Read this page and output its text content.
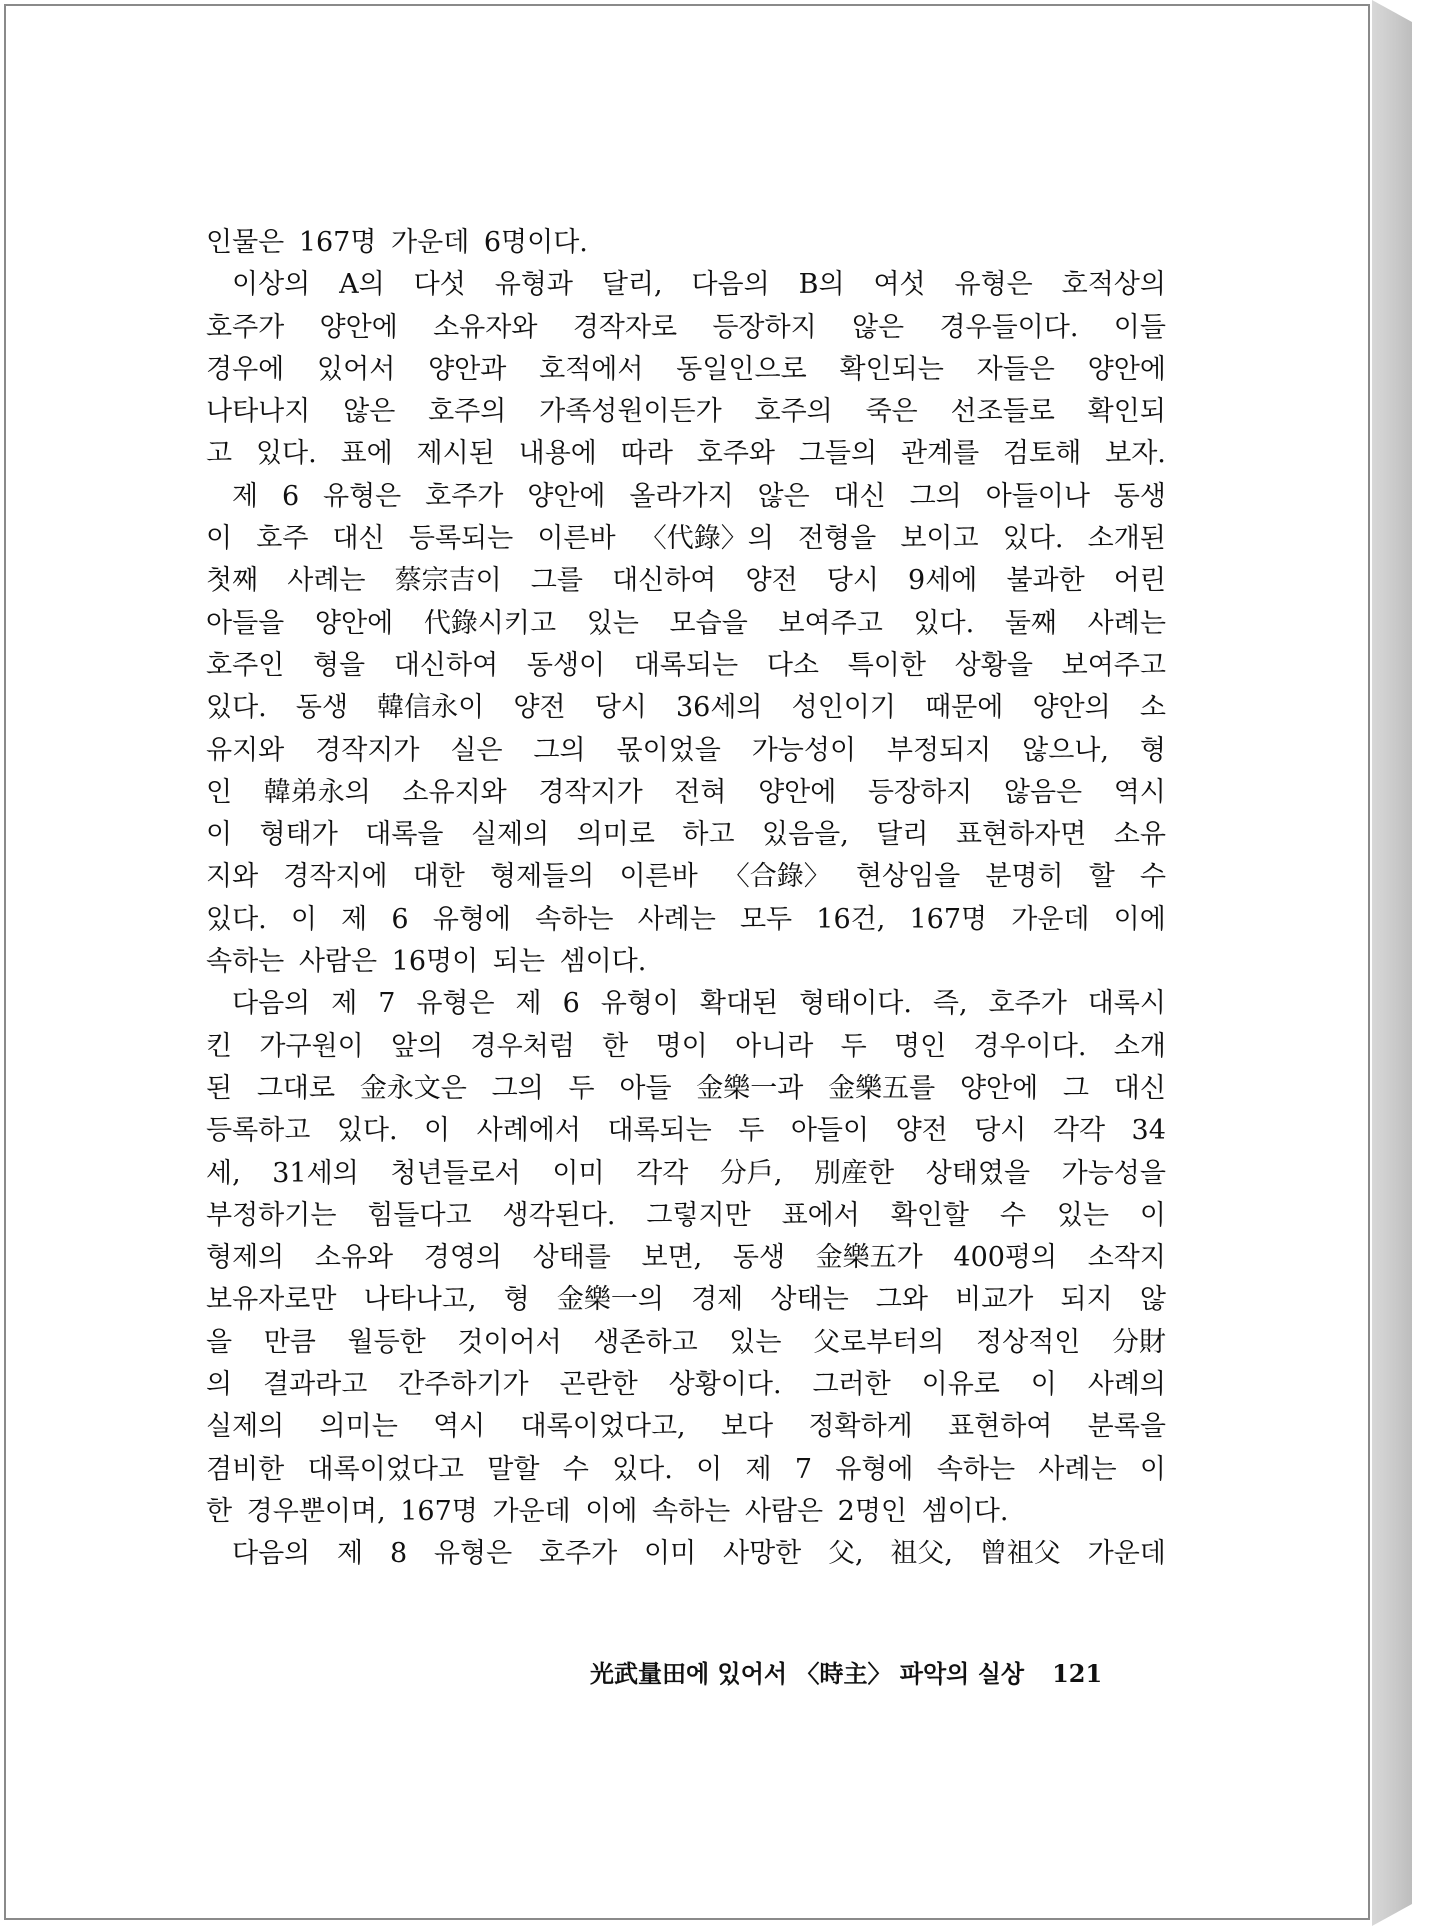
인물은 167명 가운데 6명이다.
이상의 A의 다섯 유형과 달리, 다음의 B의 여섯 유형은 호적상의
호주가 양안에 소유자와 경작자로 등장하지 않은 경우들이다. 이들
경우에 있어서 양안과 호적에서 동일인으로 확인되는 자들은 양안에
나타나지 않은 호주의 가족성원이든가 호주의 죽은 선조들로 확인되
고 있다. 표에 제시된 내용에 따라 호주와 그들의 관계를 검토해 보자.
제 6 유형은 호주가 양안에 올라가지 않은 대신 그의 아들이나 동생
이 호주 대신 등록되는 이른바 〈代錄〉의 전형을 보이고 있다. 소개된
첫째 사례는 蔡宗吉이 그를 대신하여 양전 당시 9세에 불과한 어린
아들을 양안에 代錄시키고 있는 모습을 보여주고 있다. 둘째 사례는
호주인 형을 대신하여 동생이 대록되는 다소 특이한 상황을 보여주고
있다. 동생 韓信永이 양전 당시 36세의 성인이기 때문에 양안의 소
유지와 경작지가 실은 그의 몫이었을 가능성이 부정되지 않으나, 형
인 韓弟永의 소유지와 경작지가 전혀 양안에 등장하지 않음은 역시
이 형태가 대록을 실제의 의미로 하고 있음을, 달리 표현하자면 소유
지와 경작지에 대한 형제들의 이른바 〈合錄〉 현상임을 분명히 할 수
있다. 이 제 6 유형에 속하는 사례는 모두 16건, 167명 가운데 이에
속하는 사람은 16명이 되는 셈이다.
다음의 제 7 유형은 제 6 유형이 확대된 형태이다. 즉, 호주가 대록시
킨 가구원이 앞의 경우처럼 한 명이 아니라 두 명인 경우이다. 소개
된 그대로 金永文은 그의 두 아들 金樂一과 金樂五를 양안에 그 대신
등록하고 있다. 이 사례에서 대록되는 두 아들이 양전 당시 각각 34
세, 31세의 청년들로서 이미 각각 分戶, 別産한 상태였을 가능성을
부정하기는 힘들다고 생각된다. 그렇지만 표에서 확인할 수 있는 이
형제의 소유와 경영의 상태를 보면, 동생 金樂五가 400평의 소작지
보유자로만 나타나고, 형 金樂一의 경제 상태는 그와 비교가 되지 않
을 만큼 월등한 것이어서 생존하고 있는 父로부터의 정상적인 分財
의 결과라고 간주하기가 곤란한 상황이다. 그러한 이유로 이 사례의
실제의 의미는 역시 대록이었다고, 보다 정확하게 표현하여 분록을
겸비한 대록이었다고 말할 수 있다. 이 제 7 유형에 속하는 사례는 이
한 경우뿐이며, 167명 가운데 이에 속하는 사람은 2명인 셈이다.
다음의 제 8 유형은 호주가 이미 사망한 父, 祖父, 曾祖父 가운데
光武量田에 있어서 〈時主〉 파악의 실상 121
